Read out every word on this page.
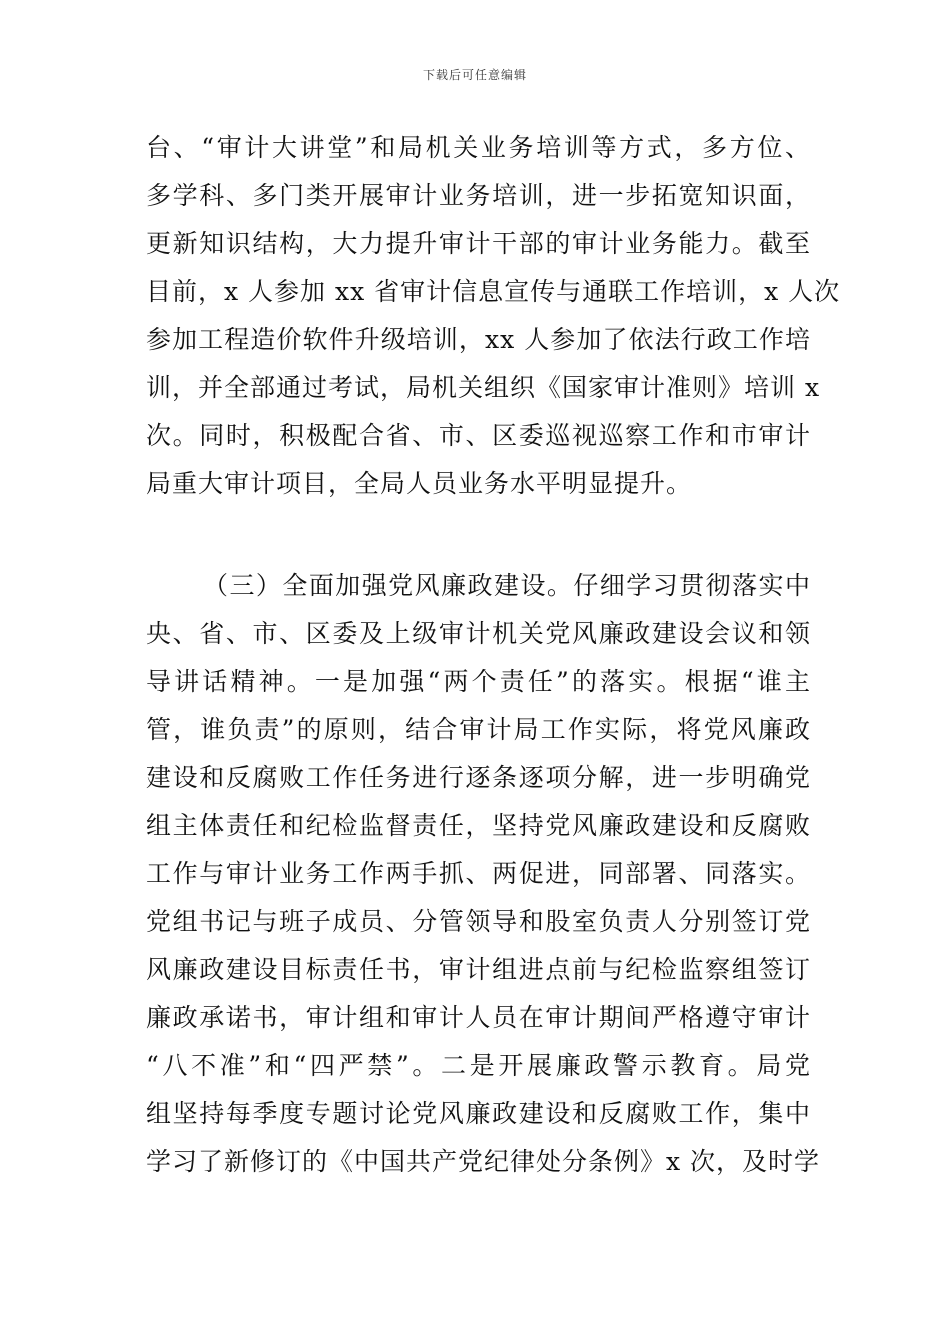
下载后可任意编辑
台、“审计大讲堂”和局机关业务培训等方式，多方位、
多学科、多门类开展审计业务培训，进一步拓宽知识面，
更新知识结构，大力提升审计干部的审计业务能力。截至
目前，x 人参加 xx 省审计信息宣传与通联工作培训，x 人次
参加工程造价软件升级培训，xx 人参加了依法行政工作培
训，并全部通过考试，局机关组织《国家审计准则》培训 x
次。同时，积极配合省、市、区委巡视巡察工作和市审计
局重大审计项目，全局人员业务水平明显提升。
（三）全面加强党风廉政建设。仔细学习贯彻落实中
央、省、市、区委及上级审计机关党风廉政建设会议和领
导讲话精神。一是加强“两个责任”的落实。根据“谁主
管，谁负责”的原则，结合审计局工作实际，将党风廉政
建设和反腐败工作任务进行逐条逐项分解，进一步明确党
组主体责任和纪检监督责任，坚持党风廉政建设和反腐败
工作与审计业务工作两手抓、两促进，同部署、同落实。
党组书记与班子成员、分管领导和股室负责人分别签订党
风廉政建设目标责任书，审计组进点前与纪检监察组签订
廉政承诺书，审计组和审计人员在审计期间严格遵守审计
“八不准”和“四严禁”。二是开展廉政警示教育。局党
组坚持每季度专题讨论党风廉政建设和反腐败工作，集中
学习了新修订的《中国共产党纪律处分条例》x 次，及时学
